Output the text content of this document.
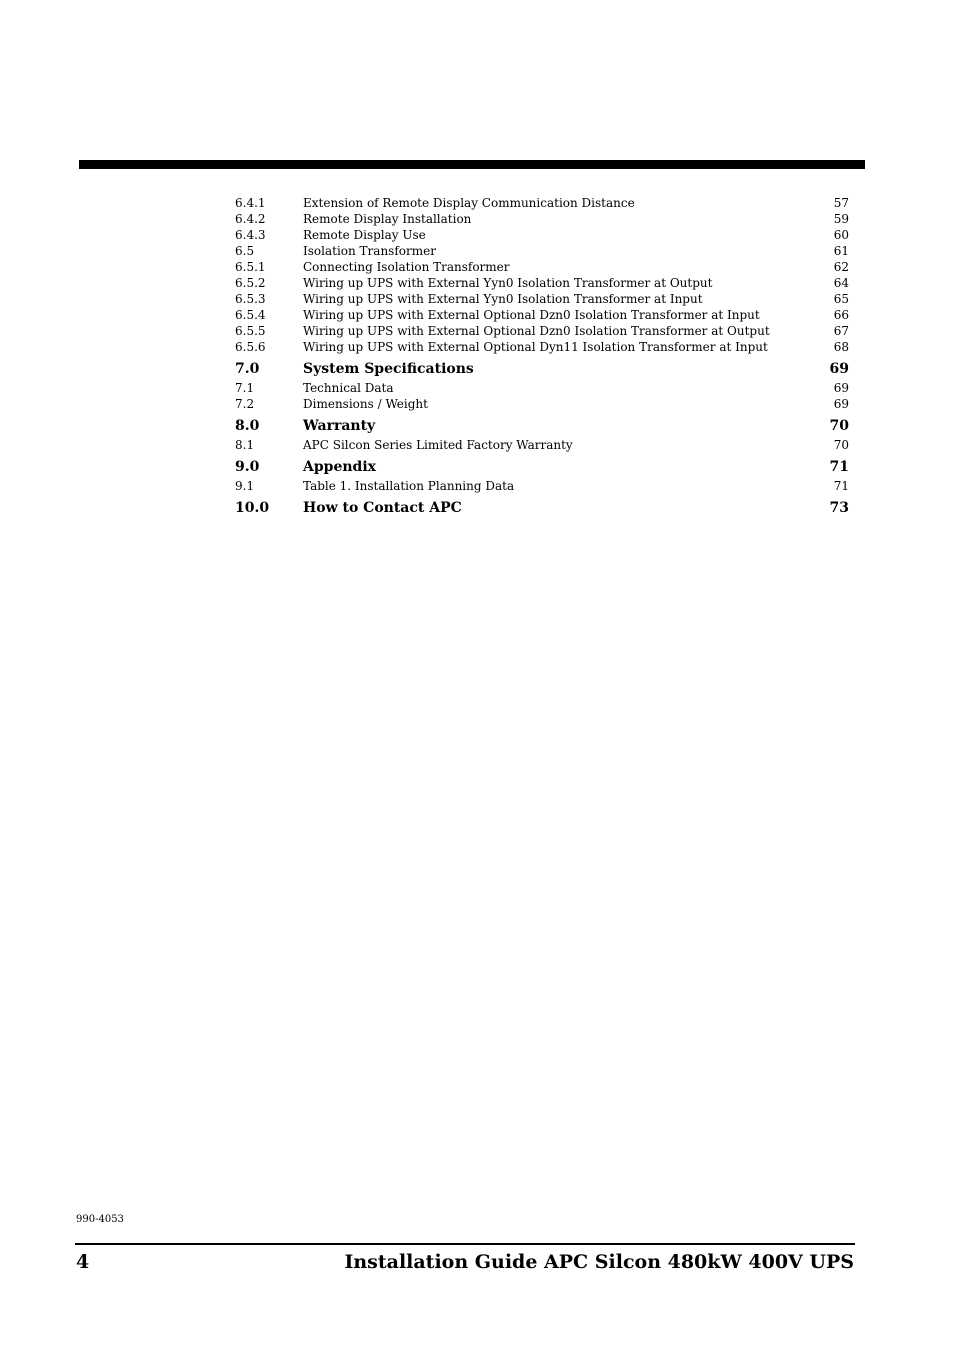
6.4.1	Extension of Remote Display Communication Distance	57
6.4.2	Remote Display Installation	59
6.4.3	Remote Display Use	60
6.5	Isolation Transformer	61
6.5.1	Connecting Isolation Transformer	62
6.5.2	Wiring up UPS with External Yyn0 Isolation Transformer at Output	64
6.5.3	Wiring up UPS with External Yyn0 Isolation Transformer at Input	65
6.5.4	Wiring up UPS with External Optional Dzn0 Isolation Transformer at Input	66
6.5.5	Wiring up UPS with External Optional Dzn0 Isolation Transformer at Output	67
6.5.6	Wiring up UPS with External Optional Dyn11 Isolation Transformer at Input	68
7.0	System Specifications	69
7.1	Technical Data	69
7.2	Dimensions / Weight	69
8.0	Warranty	70
8.1	APC Silcon Series Limited Factory Warranty	70
9.0	Appendix	71
9.1	Table 1. Installation Planning Data	71
10.0 How to Contact APC	73
990-4053
4	Installation Guide APC Silcon 480kW 400V UPS
